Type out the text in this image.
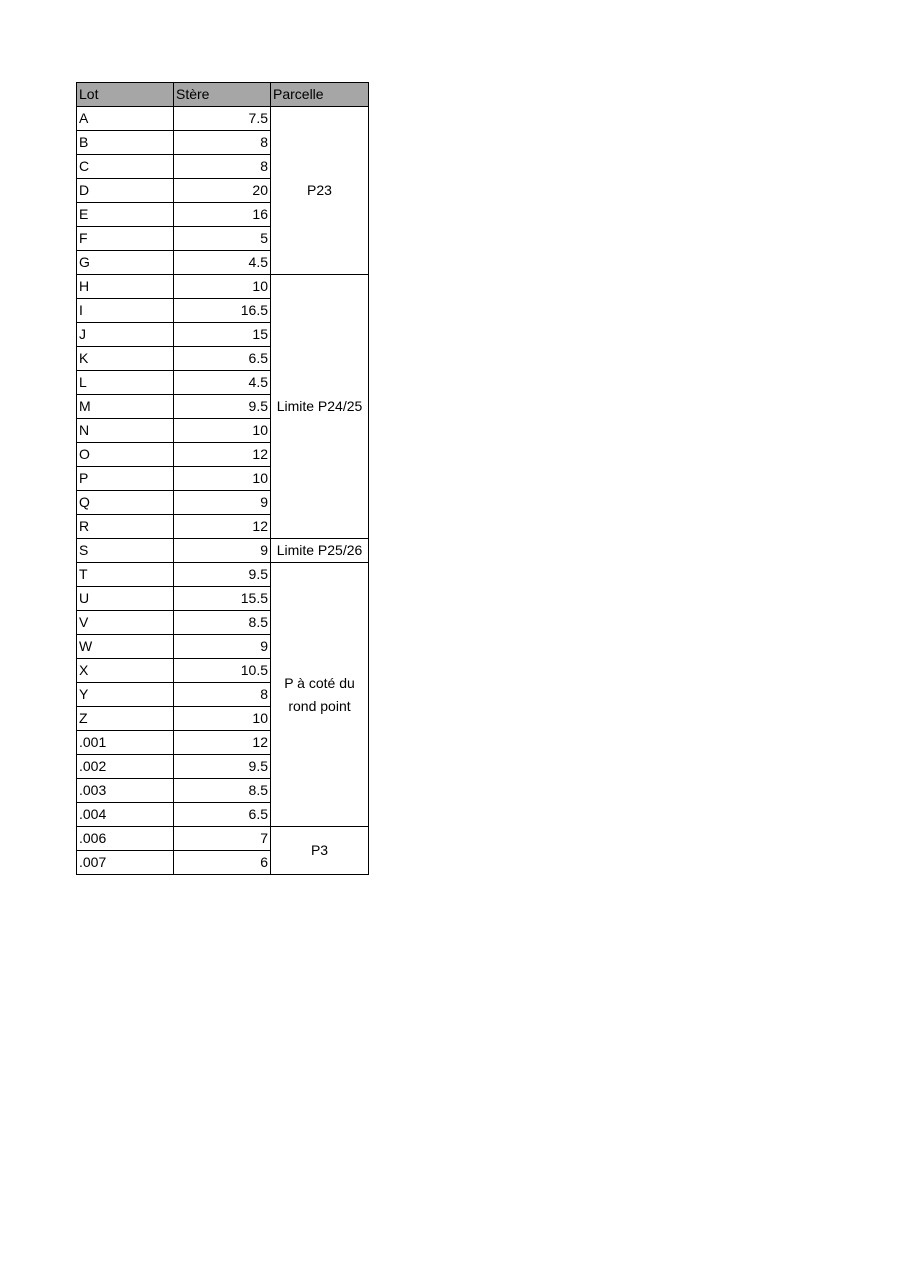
Lot	Stère	Parcelle
A	7.5	P23
B	8	
C	8	
D	20	
E	16	
F	5	
G	4.5	
H	10	Limite P24/25
I	16.5	
J	15	
K	6.5	
L	4.5	
M	9.5	
N	10	
O	12	
P	10	
Q	9	
R	12	
S	9	Limite P25/26
T	9.5	P à coté du rond point
U	15.5	
V	8.5	
W	9	
X	10.5	
Y	8	
Z	10	
.001	12	
.002	9.5	
.003	8.5	
.004	6.5	
.006	7	P3
.007	6	
